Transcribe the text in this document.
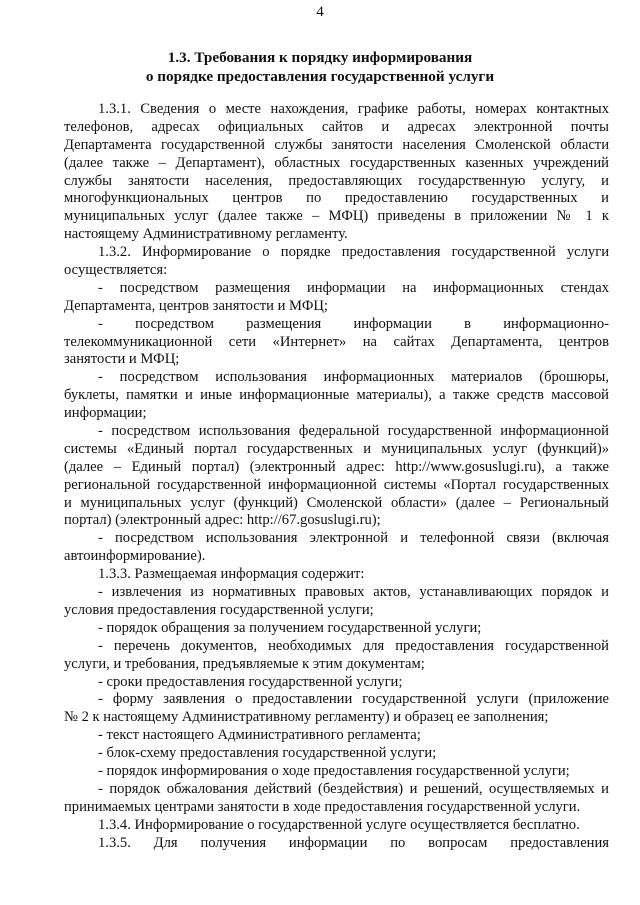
4
1.3. Требования к порядку информирования
о порядке предоставления государственной услуги
1.3.1. Сведения о месте нахождения, графике работы, номерах контактных
телефонов, адресах официальных сайтов и адресах электронной почты
Департамента государственной службы занятости населения Смоленской области
(далее также – Департамент), областных государственных казенных учреждений
службы занятости населения, предоставляющих государственную услугу, и
многофункциональных центров по предоставлению государственных и
муниципальных услуг (далее также – МФЦ) приведены в приложении № 1 к
настоящему Административному регламенту.
1.3.2. Информирование о порядке предоставления государственной услуги
осуществляется:
- посредством размещения информации на информационных стендах
Департамента, центров занятости и МФЦ;
- посредством размещения информации в информационно-
телекоммуникационной сети «Интернет» на сайтах Департамента, центров
занятости и МФЦ;
- посредством использования информационных материалов (брошюры,
буклеты, памятки и иные информационные материалы), а также средств массовой
информации;
- посредством использования федеральной государственной информационной
системы «Единый портал государственных и муниципальных услуг (функций)»
(далее – Единый портал) (электронный адрес: http://www.gosuslugi.ru), а также
региональной государственной информационной системы «Портал государственных
и муниципальных услуг (функций) Смоленской области» (далее – Региональный
портал) (электронный адрес: http://67.gosuslugi.ru);
- посредством использования электронной и телефонной связи (включая
автоинформирование).
1.3.3. Размещаемая информация содержит:
- извлечения из нормативных правовых актов, устанавливающих порядок и
условия предоставления государственной услуги;
- порядок обращения за получением государственной услуги;
- перечень документов, необходимых для предоставления государственной
услуги, и требования, предъявляемые к этим документам;
- сроки предоставления государственной услуги;
- форму заявления о предоставлении государственной услуги (приложение
№ 2 к настоящему Административному регламенту) и образец ее заполнения;
- текст настоящего Административного регламента;
- блок-схему предоставления государственной услуги;
- порядок информирования о ходе предоставления государственной услуги;
- порядок обжалования действий (бездействия) и решений, осуществляемых и
принимаемых центрами занятости в ходе предоставления государственной услуги.
1.3.4. Информирование о государственной услуге осуществляется бесплатно.
1.3.5. Для получения информации по вопросам предоставления
